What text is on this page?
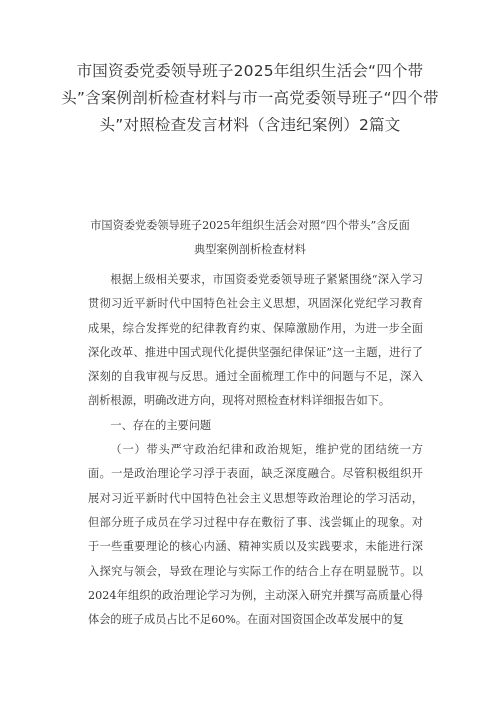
市国资委党委领导班子2025年组织生活会“四个带头”含案例剖析检查材料与市一高党委领导班子“四个带头”对照检查发言材料（含违纪案例）2篇文
市国资委党委领导班子2025年组织生活会对照“四个带头”含反面
典型案例剖析检查材料

根据上级相关要求，市国资委党委领导班子紧紧围绕“深入学习贯彻习近平新时代中国特色社会主义思想，巩固深化党纪学习教育成果，综合发挥党的纪律教育约束、保障激励作用，为进一步全面深化改革、推进中国式现代化提供坚强纪律保证”这一主题，进行了深刻的自我审视与反思。通过全面梳理工作中的问题与不足，深入剖析根源，明确改进方向，现将对照检查材料详细报告如下。

一、存在的主要问题

（一）带头严守政治纪律和政治规矩，维护党的团结统一方面。一是政治理论学习浮于表面，缺乏深度融合。尽管积极组织开展对习近平新时代中国特色社会主义思想等政治理论的学习活动，但部分班子成员在学习过程中存在敷衍了事、浅尝辄止的现象。对于一些重要理论的核心内涵、精神实质以及实践要求，未能进行深入探究与领会，导致在理论与实际工作的结合上存在明显脱节。以2024年组织的政治理论学习为例，主动深入研究并撰写高质量心得体会的班子成员占比不足60%。在面对国资国企改革发展中的复
